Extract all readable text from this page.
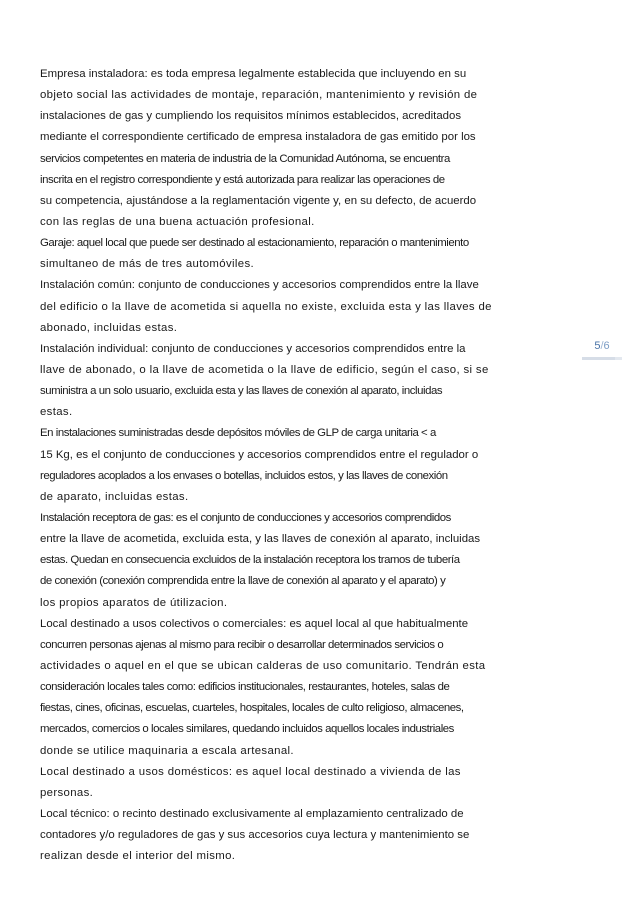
Empresa instaladora: es toda empresa legalmente establecida que incluyendo en su
objeto social las actividades de montaje, reparación, mantenimiento y revisión de
instalaciones de gas y cumpliendo los requisitos mínimos establecidos, acreditados
mediante el correspondiente certificado de empresa instaladora de gas emitido por los
servicios competentes en materia de industria de la Comunidad Autónoma, se encuentra
inscrita en el registro correspondiente y está autorizada para realizar las operaciones de
su competencia, ajustándose a la reglamentación vigente y, en su defecto, de acuerdo
con las reglas de una buena actuación profesional.
Garaje: aquel local que puede ser destinado al estacionamiento, reparación o mantenimiento
simultaneo de más de tres automóviles.
Instalación común: conjunto de conducciones y accesorios comprendidos entre la llave
del edificio o la llave de acometida si aquella no existe, excluida esta y las llaves de
abonado, incluidas estas.
Instalación individual: conjunto de conducciones y accesorios comprendidos entre la
llave de abonado, o la llave de acometida o la llave de edificio, según el caso, si se
suministra a un solo usuario, excluida esta y las llaves de conexión al aparato, incluidas
estas.
En instalaciones suministradas desde depósitos móviles de GLP de carga unitaria < a
15 Kg, es el conjunto de conducciones y accesorios comprendidos entre el regulador o
reguladores acoplados a los envases o botellas, incluidos estos, y las llaves de conexión
de aparato, incluidas estas.
Instalación receptora de gas: es el conjunto de conducciones y accesorios comprendidos
entre la llave de acometida, excluida esta, y las llaves de conexión al aparato, incluidas
estas. Quedan en consecuencia excluidos de la instalación receptora los tramos de tubería
de conexión (conexión comprendida entre la llave de conexión al aparato y el aparato) y
los propios aparatos de útilizacion.
Local destinado a usos colectivos o comerciales: es aquel local al que habitualmente
concurren personas ajenas al mismo para recibir o desarrollar determinados servicios o
actividades o aquel en el que se ubican calderas de uso comunitario. Tendrán esta
consideración locales tales como: edificios institucionales, restaurantes, hoteles, salas de
fiestas, cines, oficinas, escuelas, cuarteles, hospitales, locales de culto religioso, almacenes,
mercados, comercios o locales similares, quedando incluidos aquellos locales industriales
donde se utilice maquinaria a escala artesanal.
Local destinado a usos domésticos: es aquel local destinado a vivienda de las
personas.
Local técnico: o recinto destinado exclusivamente al emplazamiento centralizado de
contadores y/o reguladores de gas y sus accesorios cuya lectura y mantenimiento se
realizan desde el interior del mismo.
5/6
